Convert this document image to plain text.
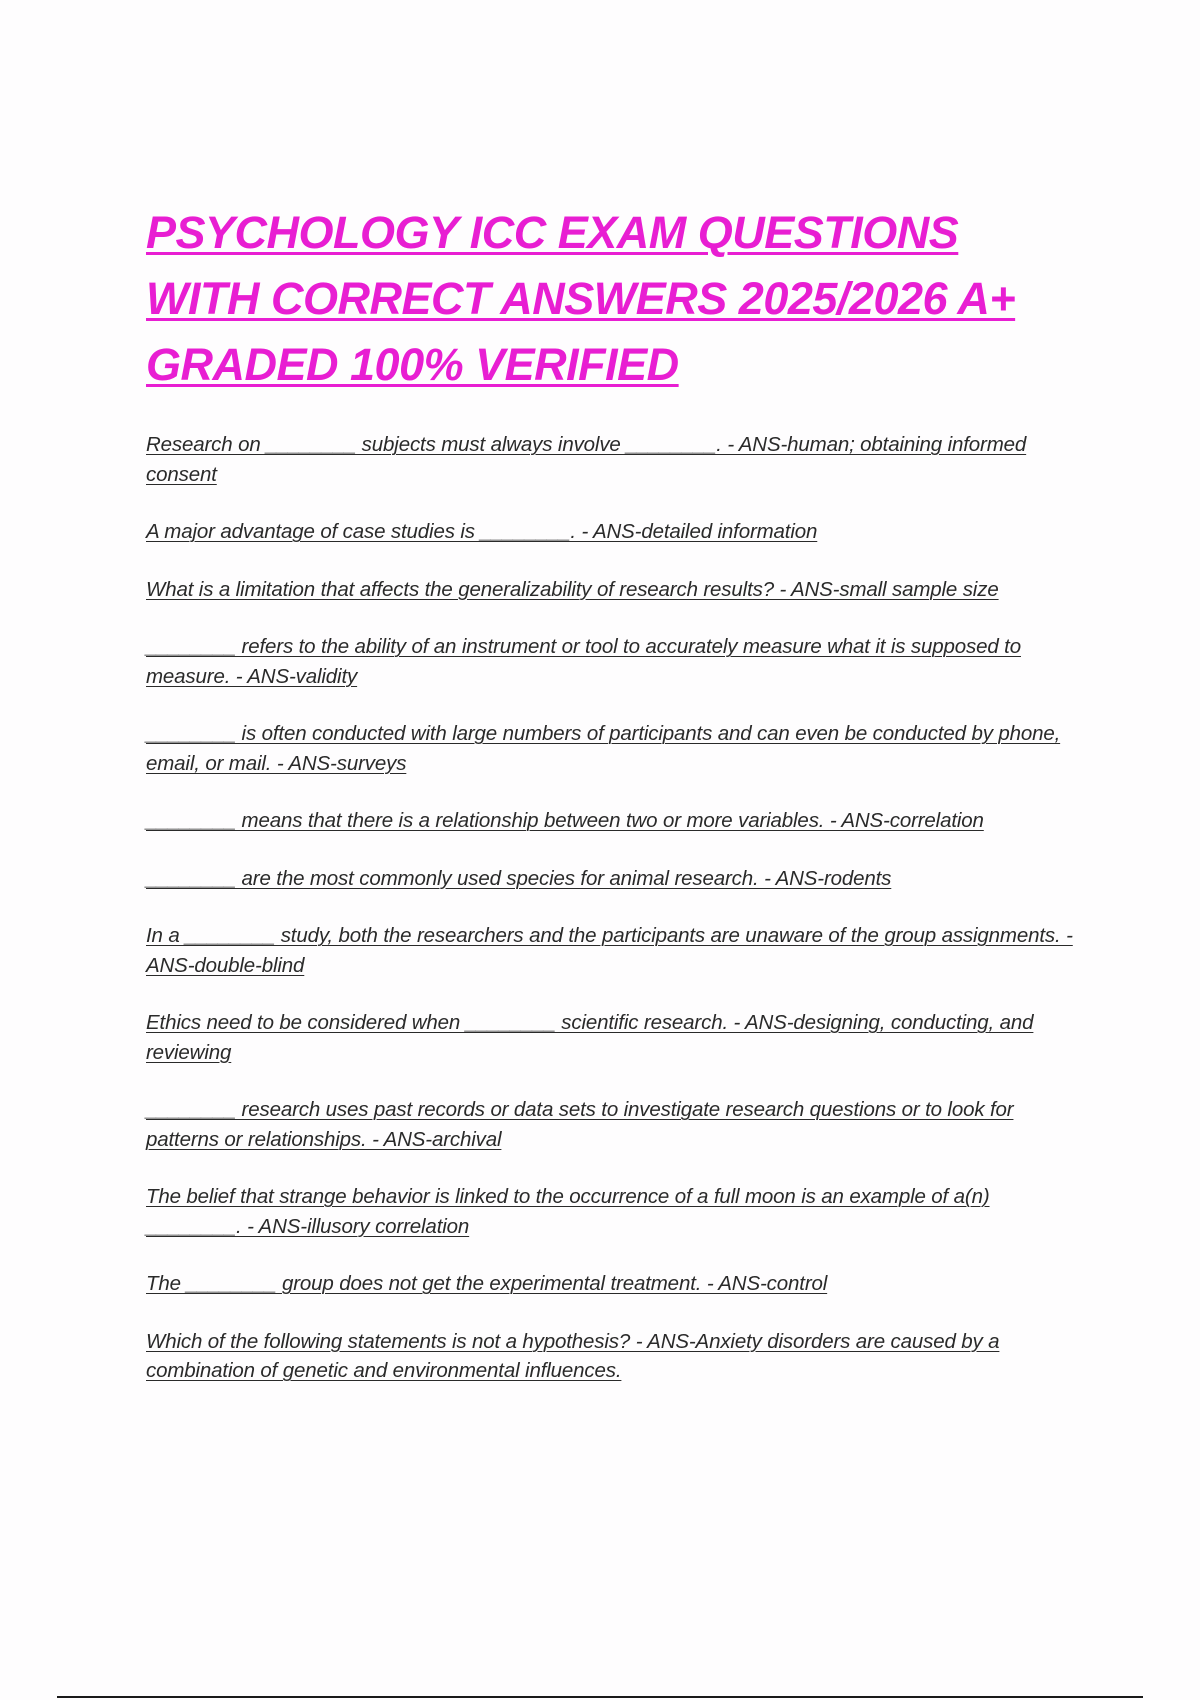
PSYCHOLOGY ICC EXAM QUESTIONS
WITH CORRECT ANSWERS 2025/2026 A+
GRADED 100% VERIFIED
Research on ________ subjects must always involve ________. - ANS-human; obtaining informed consent
A major advantage of case studies is ________. - ANS-detailed information
What is a limitation that affects the generalizability of research results? - ANS-small sample size
________ refers to the ability of an instrument or tool to accurately measure what it is supposed to measure. - ANS-validity
________ is often conducted with large numbers of participants and can even be conducted by phone, email, or mail. - ANS-surveys
________ means that there is a relationship between two or more variables. - ANS-correlation
________ are the most commonly used species for animal research. - ANS-rodents
In a ________ study, both the researchers and the participants are unaware of the group assignments. - ANS-double-blind
Ethics need to be considered when ________ scientific research. - ANS-designing, conducting, and reviewing
________ research uses past records or data sets to investigate research questions or to look for patterns or relationships. - ANS-archival
The belief that strange behavior is linked to the occurrence of a full moon is an example of a(n) ________. - ANS-illusory correlation
The ________ group does not get the experimental treatment. - ANS-control
Which of the following statements is not a hypothesis? - ANS-Anxiety disorders are caused by a combination of genetic and environmental influences.
